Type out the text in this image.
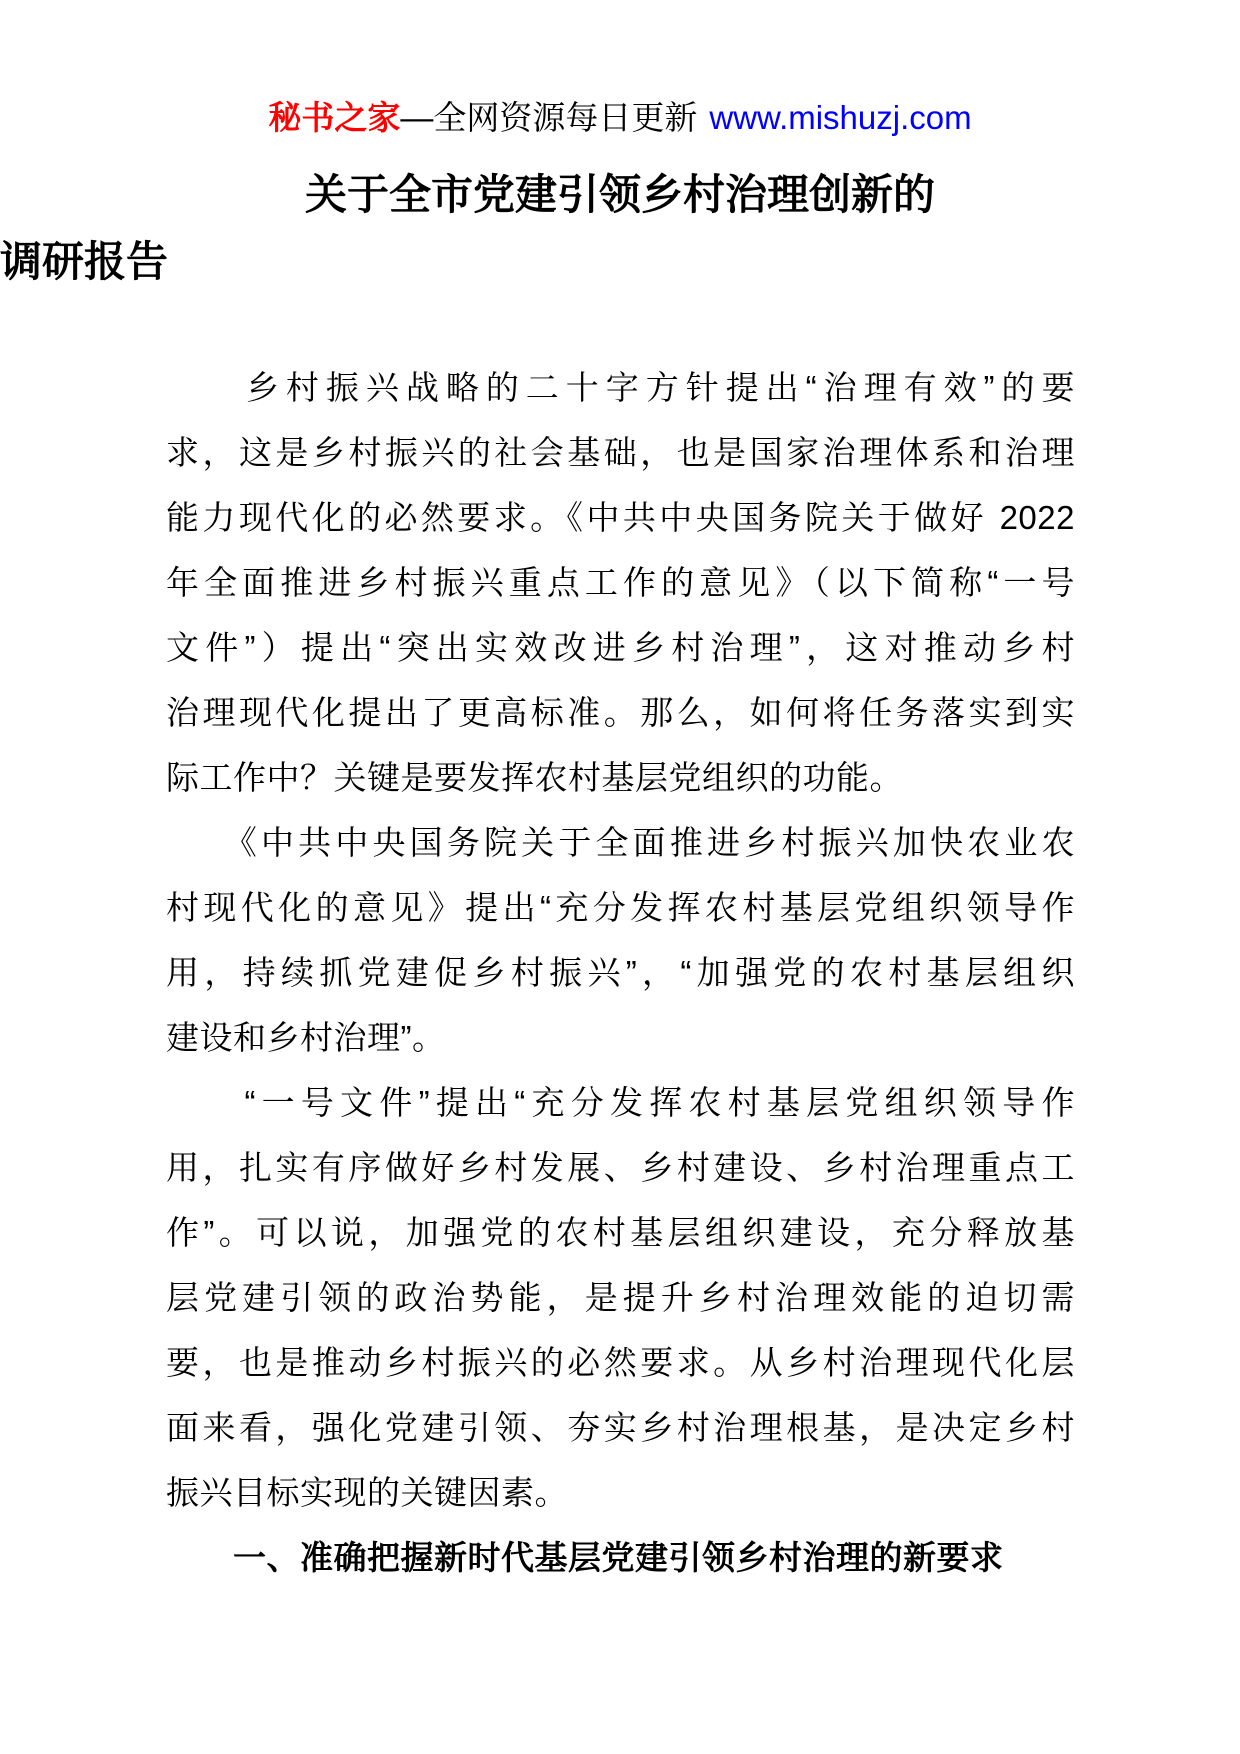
秘书之家—全网资源每日更新 www.mishuzj.com
关于全市党建引领乡村治理创新的
调研报告
　　乡村振兴战略的二十字方针提出“治理有效”的要
求，这是乡村振兴的社会基础，也是国家治理体系和治理
能力现代化的必然要求。《中共中央国务院关于做好 2022
年全面推进乡村振兴重点工作的意见》（以下简称“一号
文件”）提出“突出实效改进乡村治理”，这对推动乡村
治理现代化提出了更高标准。那么，如何将任务落实到实
际工作中？关键是要发挥农村基层党组织的功能。
　　《中共中央国务院关于全面推进乡村振兴加快农业农
村现代化的意见》提出“充分发挥农村基层党组织领导作
用，持续抓党建促乡村振兴”，“加强党的农村基层组织
建设和乡村治理”。
　　“一号文件”提出“充分发挥农村基层党组织领导作
用，扎实有序做好乡村发展、乡村建设、乡村治理重点工
作”。可以说，加强党的农村基层组织建设，充分释放基
层党建引领的政治势能，是提升乡村治理效能的迫切需
要，也是推动乡村振兴的必然要求。从乡村治理现代化层
面来看，强化党建引领、夯实乡村治理根基，是决定乡村
振兴目标实现的关键因素。
　　一、准确把握新时代基层党建引领乡村治理的新要求
